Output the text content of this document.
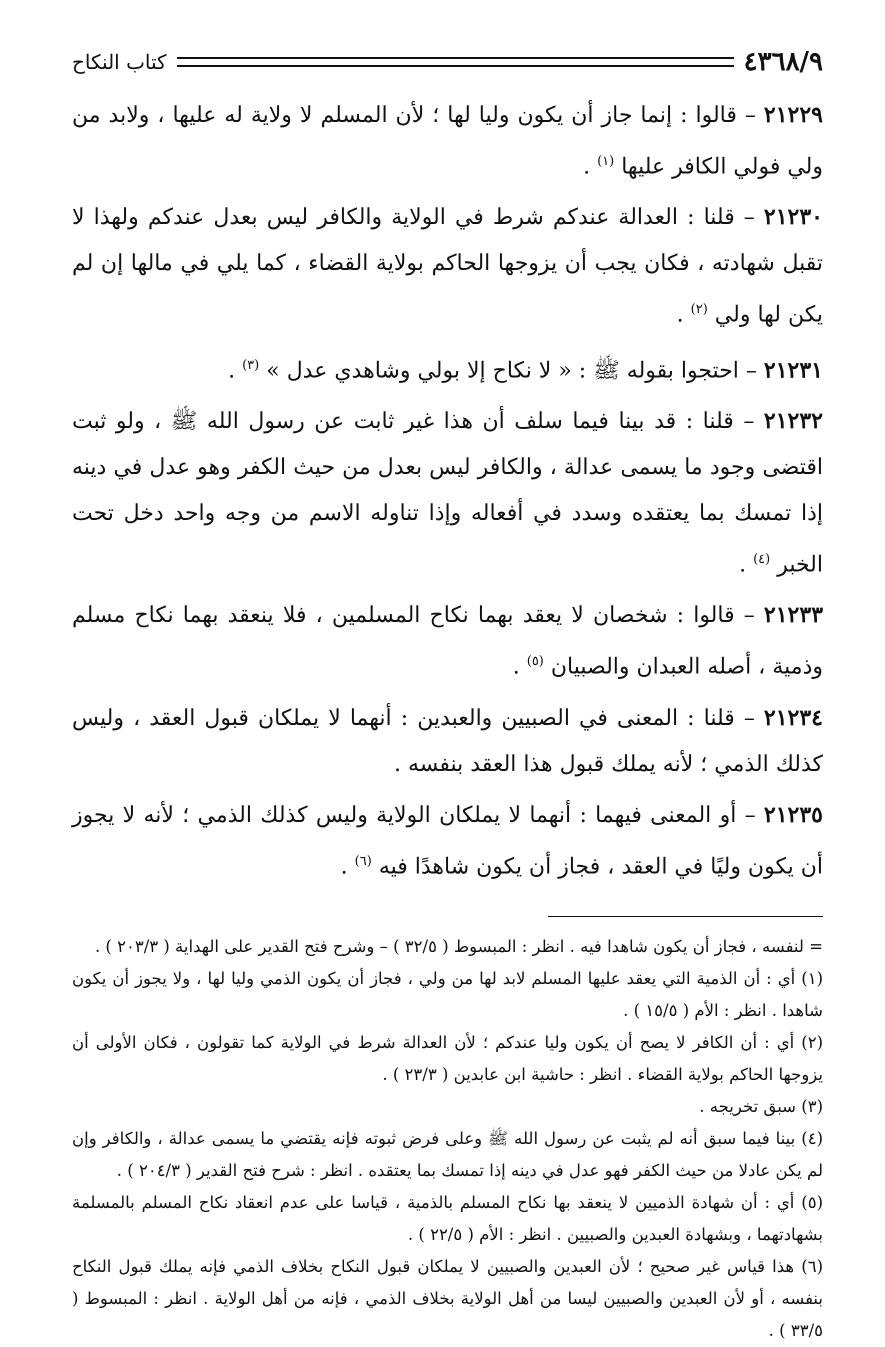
٤٣٦٨/٩
كتاب النكاح

٢١٢٢٩ – قالوا : إنما جاز أن يكون وليا لها ؛ لأن المسلم لا ولاية له عليها ، ولابد من ولي فولي الكافر عليها $^{(١)}$ .

٢١٢٣٠ – قلنا : العدالة عندكم شرط في الولاية والكافر ليس بعدل عندكم ولهذا لا تقبل شهادته ، فكان يجب أن يزوجها الحاكم بولاية القضاء ، كما يلي في مالها إن لم يكن لها ولي $^{(٢)}$ .

٢١٢٣١ – احتجوا بقوله ﷺ : « لا نكاح إلا بولي وشاهدي عدل » $^{(٣)}$ .

٢١٢٣٢ – قلنا : قد بينا فيما سلف أن هذا غير ثابت عن رسول الله ﷺ ، ولو ثبت اقتضى وجود ما يسمى عدالة ، والكافر ليس بعدل من حيث الكفر وهو عدل في دينه إذا تمسك بما يعتقده وسدد في أفعاله وإذا تناوله الاسم من وجه واحد دخل تحت الخبر $^{(٤)}$ .

٢١٢٣٣ – قالوا : شخصان لا يعقد بهما نكاح المسلمين ، فلا ينعقد بهما نكاح مسلم وذمية ، أصله العبدان والصبيان $^{(٥)}$ .

٢١٢٣٤ – قلنا : المعنى في الصبيين والعبدين : أنهما لا يملكان قبول العقد ، وليس كذلك الذمي ؛ لأنه يملك قبول هذا العقد بنفسه .

٢١٢٣٥ – أو المعنى فيهما : أنهما لا يملكان الولاية وليس كذلك الذمي ؛ لأنه لا يجوز أن يكون وليًا في العقد ، فجاز أن يكون شاهدًا فيه $^{(٦)}$ .

= لنفسه ، فجاز أن يكون شاهدا فيه . انظر : المبسوط ( ٣٢/٥ ) – وشرح فتح القدير على الهداية ( ٢٠٣/٣ ) .

(١) أي : أن الذمية التي يعقد عليها المسلم لابد لها من ولي ، فجاز أن يكون الذمي وليا لها ، ولا يجوز أن يكون شاهدا . انظر : الأم ( ١٥/٥ ) .

(٢) أي : أن الكافر لا يصح أن يكون وليا عندكم ؛ لأن العدالة شرط في الولاية كما تقولون ، فكان الأولى أن يزوجها الحاكم بولاية القضاء . انظر : حاشية ابن عابدين ( ٢٣/٣ ) .

(٣) سبق تخريجه .

(٤) بينا فيما سبق أنه لم يثبت عن رسول الله ﷺ وعلى فرض ثبوته فإنه يقتضي ما يسمى عدالة ، والكافر وإن لم يكن عادلا من حيث الكفر فهو عدل في دينه إذا تمسك بما يعتقده . انظر : شرح فتح القدير ( ٢٠٤/٣ ) .

(٥) أي : أن شهادة الذميين لا ينعقد بها نكاح المسلم بالذمية ، قياسا على عدم انعقاد نكاح المسلم بالمسلمة بشهادتهما ، وبشهادة العبدين والصبيين . انظر : الأم ( ٢٢/٥ ) .

(٦) هذا قياس غير صحيح ؛ لأن العبدين والصبيين لا يملكان قبول النكاح بخلاف الذمي فإنه يملك قبول النكاح بنفسه ، أو لأن العبدين والصبيين ليسا من أهل الولاية بخلاف الذمي ، فإنه من أهل الولاية . انظر : المبسوط ( ٣٣/٥ ) .
